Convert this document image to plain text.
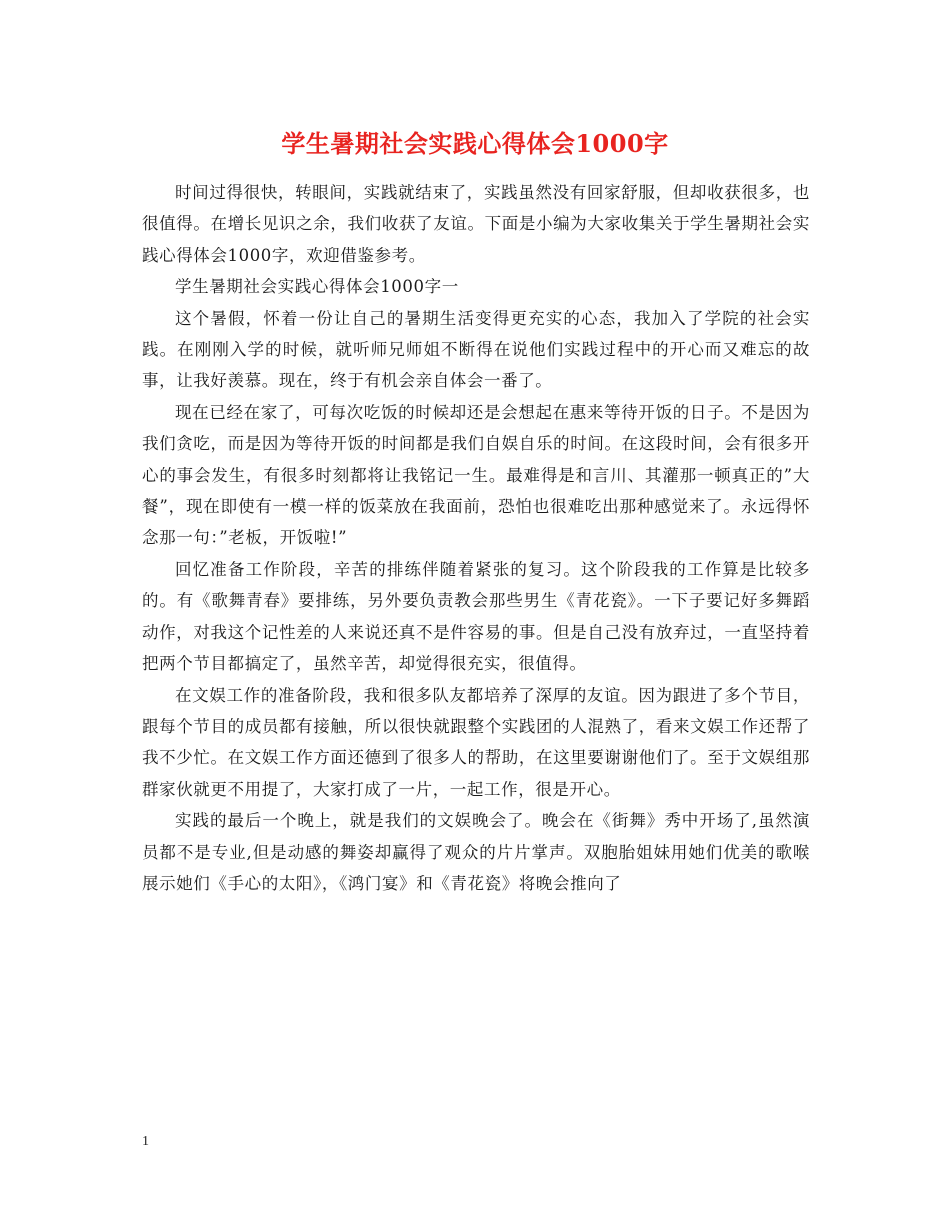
学生暑期社会实践心得体会1000字

时间过得很快，转眼间，实践就结束了，实践虽然没有回家舒服，但却收获很多，也很值得。在增长见识之余，我们收获了友谊。下面是小编为大家收集关于学生暑期社会实践心得体会1000字，欢迎借鉴参考。

学生暑期社会实践心得体会1000字一

这个暑假，怀着一份让自己的暑期生活变得更充实的心态，我加入了学院的社会实践。在刚刚入学的时候，就听师兄师姐不断得在说他们实践过程中的开心而又难忘的故事，让我好羡慕。现在，终于有机会亲自体会一番了。

现在已经在家了，可每次吃饭的时候却还是会想起在惠来等待开饭的日子。不是因为我们贪吃，而是因为等待开饭的时间都是我们自娱自乐的时间。在这段时间，会有很多开心的事会发生，有很多时刻都将让我铭记一生。最难得是和言川、其灌那一顿真正的”大餐”，现在即使有一模一样的饭菜放在我面前，恐怕也很难吃出那种感觉来了。永远得怀念那一句：”老板，开饭啦!”

回忆准备工作阶段，辛苦的排练伴随着紧张的复习。这个阶段我的工作算是比较多的。有《歌舞青春》要排练，另外要负责教会那些男生《青花瓷》。一下子要记好多舞蹈动作，对我这个记性差的人来说还真不是件容易的事。但是自己没有放弃过，一直坚持着把两个节目都搞定了，虽然辛苦，却觉得很充实，很值得。

在文娱工作的准备阶段，我和很多队友都培养了深厚的友谊。因为跟进了多个节目，跟每个节目的成员都有接触，所以很快就跟整个实践团的人混熟了，看来文娱工作还帮了我不少忙。在文娱工作方面还德到了很多人的帮助，在这里要谢谢他们了。至于文娱组那群家伙就更不用提了，大家打成了一片，一起工作，很是开心。

实践的最后一个晚上，就是我们的文娱晚会了。晚会在《街舞》秀中开场了,虽然演员都不是专业,但是动感的舞姿却赢得了观众的片片掌声。双胞胎姐妹用她们优美的歌喉展示她们《手心的太阳》，《鸿门宴》和《青花瓷》将晚会推向了

1
